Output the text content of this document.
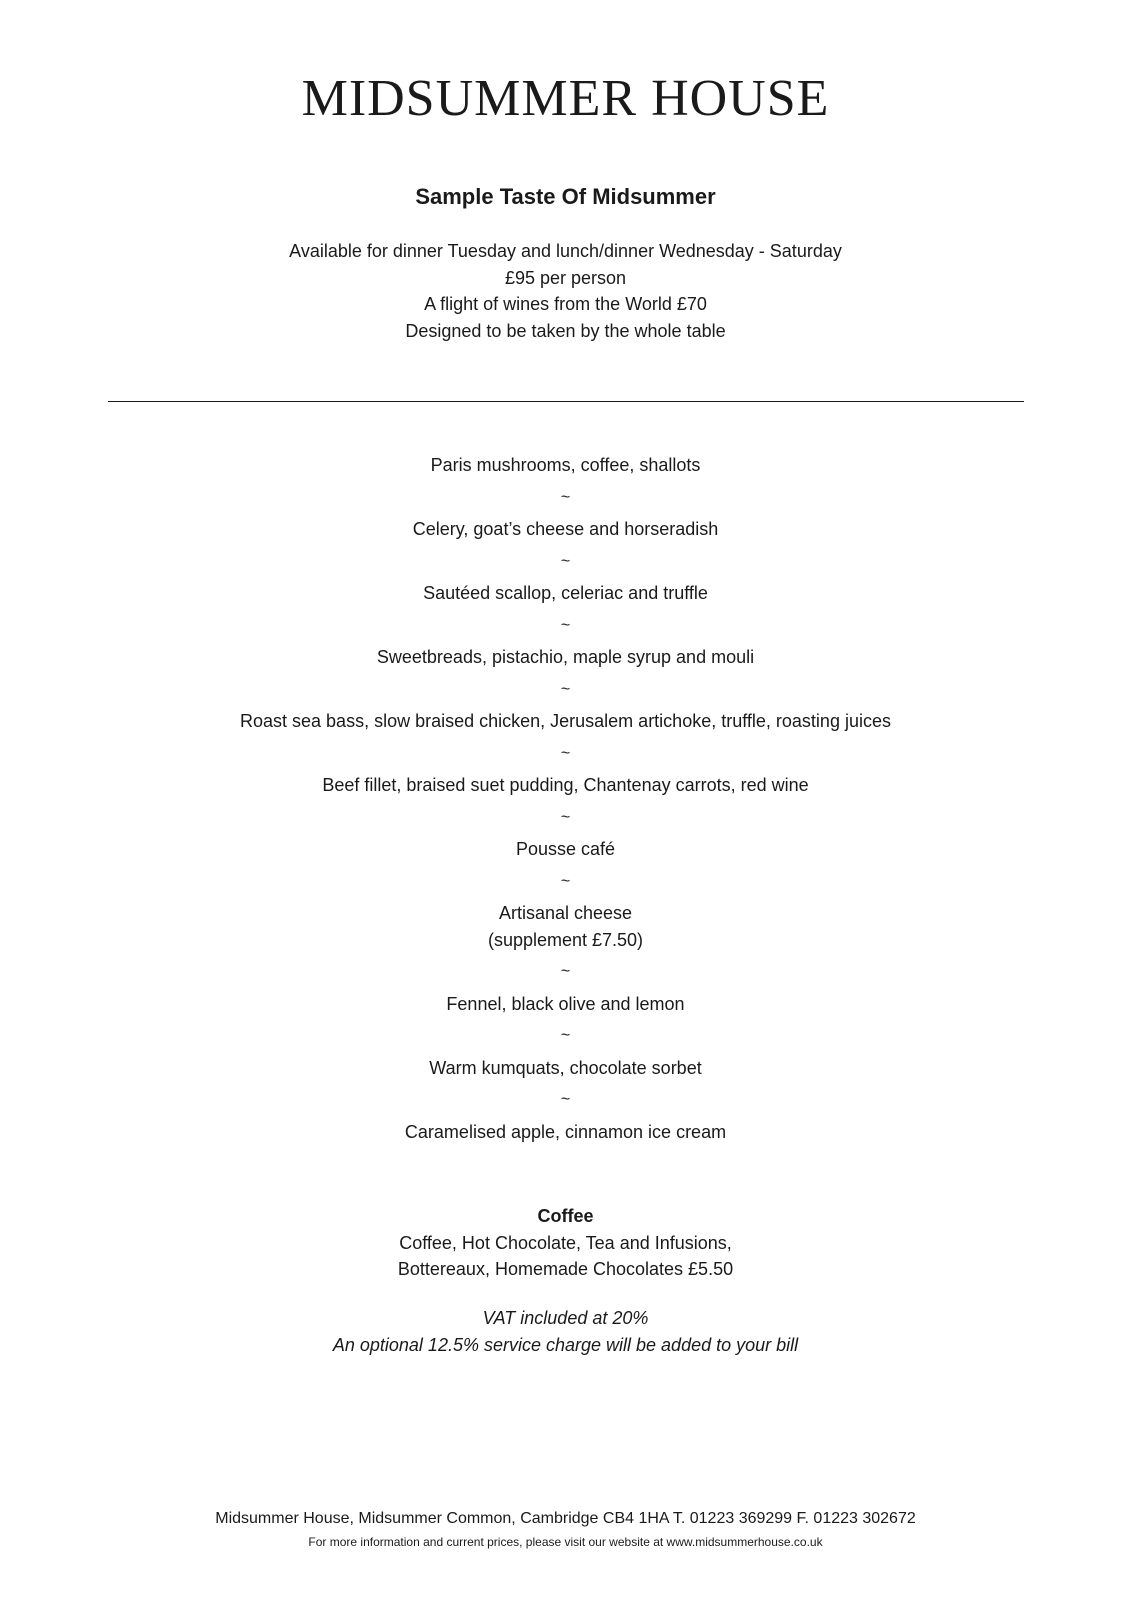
MIDSUMMER HOUSE
Sample Taste Of Midsummer
Available for dinner Tuesday and lunch/dinner Wednesday - Saturday
£95 per person
A flight of wines from the World £70
Designed to be taken by the whole table
Paris mushrooms, coffee, shallots
~
Celery, goat’s cheese and horseradish
~
Sautéed scallop, celeriac and truffle
~
Sweetbreads, pistachio, maple syrup and mouli
~
Roast sea bass, slow braised chicken, Jerusalem artichoke, truffle, roasting juices
~
Beef fillet, braised suet pudding, Chantenay carrots, red wine
~
Pousse café
~
Artisanal cheese
(supplement £7.50)
~
Fennel, black olive and lemon
~
Warm kumquats, chocolate sorbet
~
Caramelised apple, cinnamon ice cream
Coffee
Coffee, Hot Chocolate, Tea and Infusions,
Bottereaux, Homemade Chocolates £5.50
VAT included at 20%
An optional 12.5% service charge will be added to your bill
Midsummer House, Midsummer Common, Cambridge CB4 1HA T. 01223 369299 F. 01223 302672
For more information and current prices, please visit our website at www.midsummerhouse.co.uk
